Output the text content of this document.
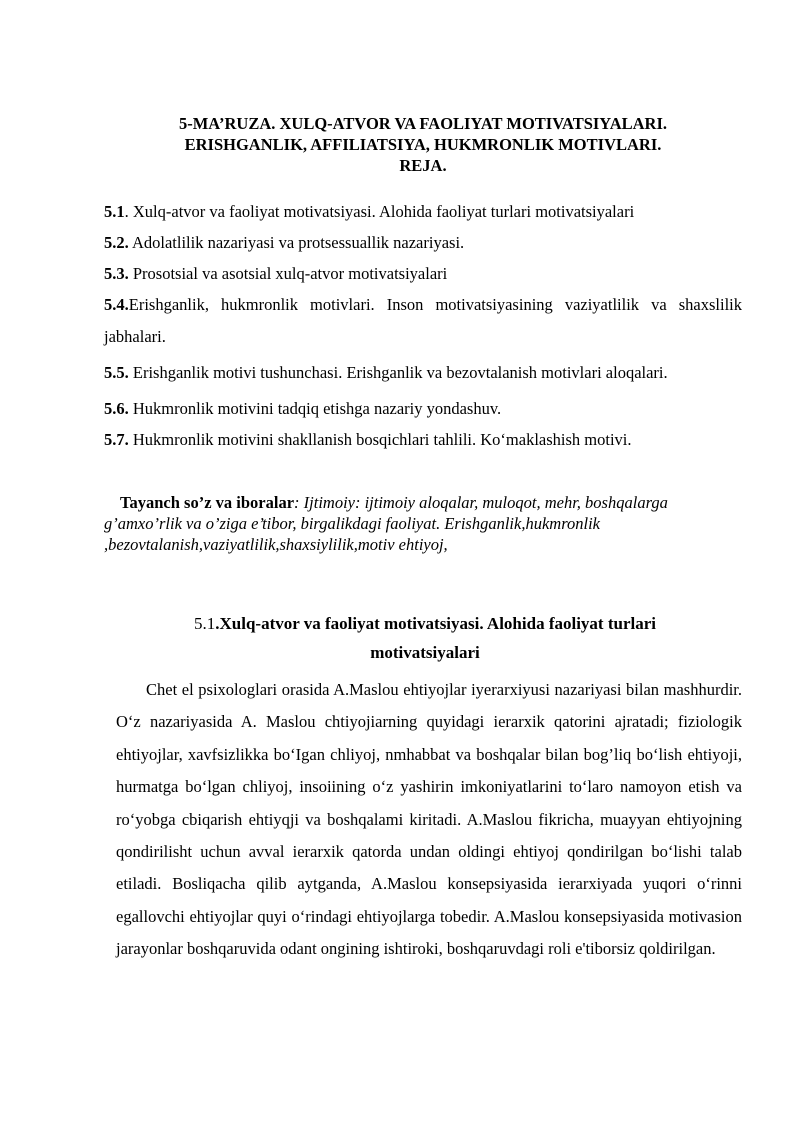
5-MA’RUZA. XULQ-ATVOR VA FAOLIYAT MOTIVATSIYALARI.
ERISHGANLIK, AFFILIATSIYA, HUKMRONLIK MOTIVLARI.
REJA.

5.1. Xulq-atvor va faoliyat motivatsiyasi. Alohida faoliyat turlari motivatsiyalari

5.2. Adolatlilik nazariyasi va protsessuallik nazariyasi.

5.3. Prosotsial va asotsial xulq-atvor motivatsiyalari

5.4.Erishganlik, hukmronlik motivlari. Inson motivatsiyasining vaziyatlilik va shaxslilik jabhalari.

5.5. Erishganlik motivi tushunchasi. Erishganlik va bezovtalanish motivlari aloqalari.

5.6. Hukmronlik motivini tadqiq etishga nazariy yondashuv.

5.7. Hukmronlik motivini shakllanish bosqichlari tahlili. Ko‘maklashish motivi.

Tayanch so’z va iboralar: Ijtimoiy: ijtimoiy aloqalar, muloqot, mehr, boshqalarga g’amxo’rlik va o’ziga e’tibor, birgalikdagi faoliyat. Erishganlik,hukmronlik ,bezovtalanish,vaziyatlilik,shaxsiylilik,motiv ehtiyoj,
5.1.Xulq-atvor va faoliyat motivatsiyasi. Alohida faoliyat turlari motivatsiyalari
Chet el psixologlari orasida A.Maslou ehtiyojlar iyerarxiyusi nazariyasi bilan mashhurdir. O‘z nazariyasida A. Maslou chtiyojiarning quyidagi ierarxik qatorini ajratadi; fiziologik ehtiyojlar, xavfsizlikka bo‘Igan chliyoj, nmhabbat va boshqalar bilan bog’liq bo‘lish ehtiyoji, hurmatga bo‘lgan chliyoj, insoiining o‘z yashirin imkoniyatlarini to‘laro namoyon etish va ro‘yobga cbiqarish ehtiyqji va boshqalami kiritadi. A.Maslou fikricha, muayyan ehtiyojning qondirilisht uchun avval ierarxik qatorda undan oldingi ehtiyoj qondirilgan bo‘lishi talab etiladi. Bosliqacha qilib aytganda, A.Maslou konsepsiyasida ierarxiyada yuqori o‘rinni egallovchi ehtiyojlar quyi o‘rindagi ehtiyojlarga tobedir. A.Maslou konsepsiyasida motivasion jarayonlar boshqaruvida odant ongining ishtiroki, boshqaruvdagi roli e'tiborsiz qoldirilgan.
